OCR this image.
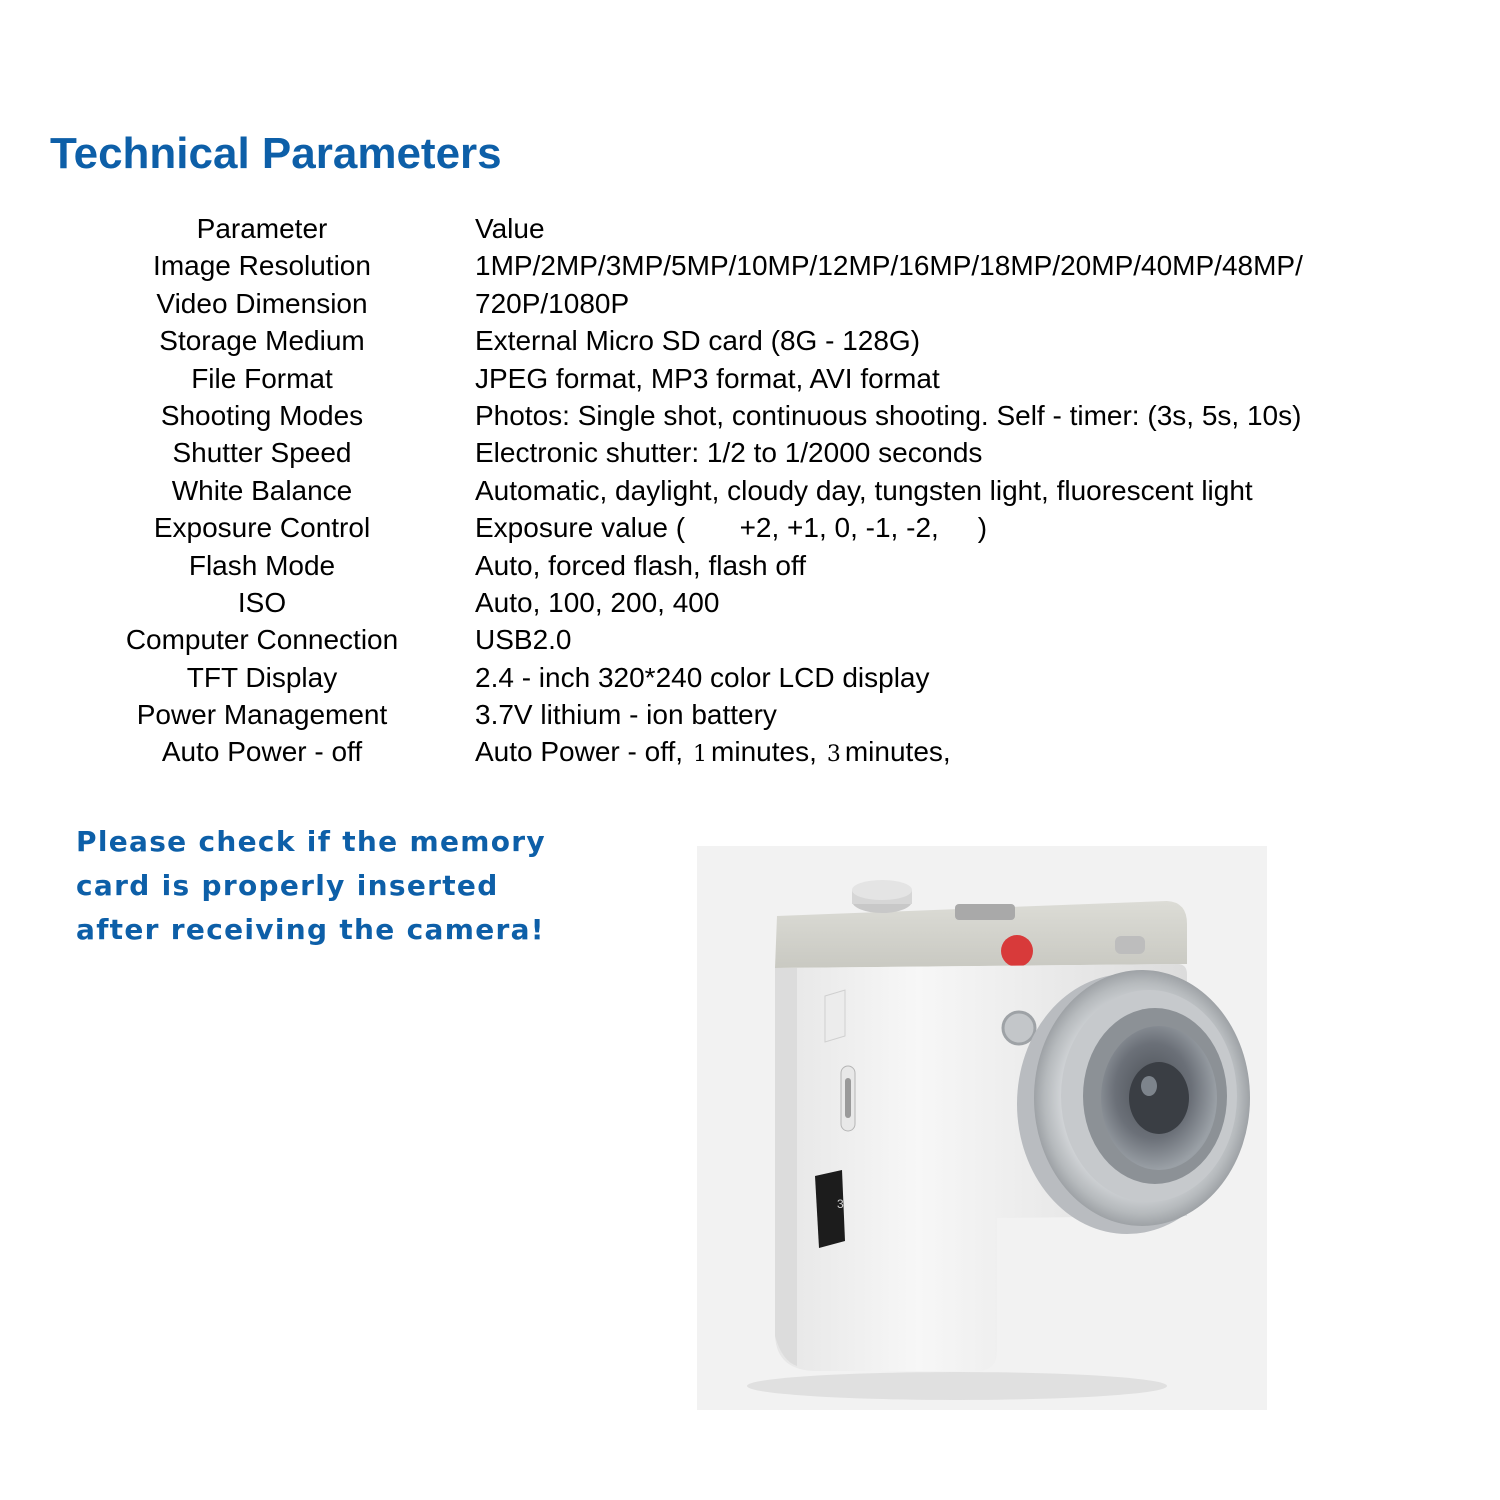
Technical Parameters
Parameter	Value
Image Resolution	1MP/2MP/3MP/5MP/10MP/12MP/16MP/18MP/20MP/40MP/48MP/
Video Dimension	720P/1080P
Storage Medium	External Micro SD card (8G - 128G)
File Format	JPEG format, MP3 format, AVI format
Shooting Modes	Photos: Single shot, continuous shooting. Self - timer: (3s, 5s, 10s)
Shutter Speed	Electronic shutter: 1/2 to 1/2000 seconds
White Balance	Automatic, daylight, cloudy day, tungsten light, fluorescent light
Exposure Control	Exposure value (       +2, +1, 0, -1, -2,     )
Flash Mode	Auto, forced flash, flash off
ISO	Auto, 100, 200, 400
Computer Connection	USB2.0
TFT Display	2.4 - inch 320*240 color LCD display
Power Management	3.7V lithium - ion battery
Auto Power - off	Auto Power - off, 1 minutes, 3 minutes,
Please check if the memory
card is properly inserted
after receiving the camera!
3
